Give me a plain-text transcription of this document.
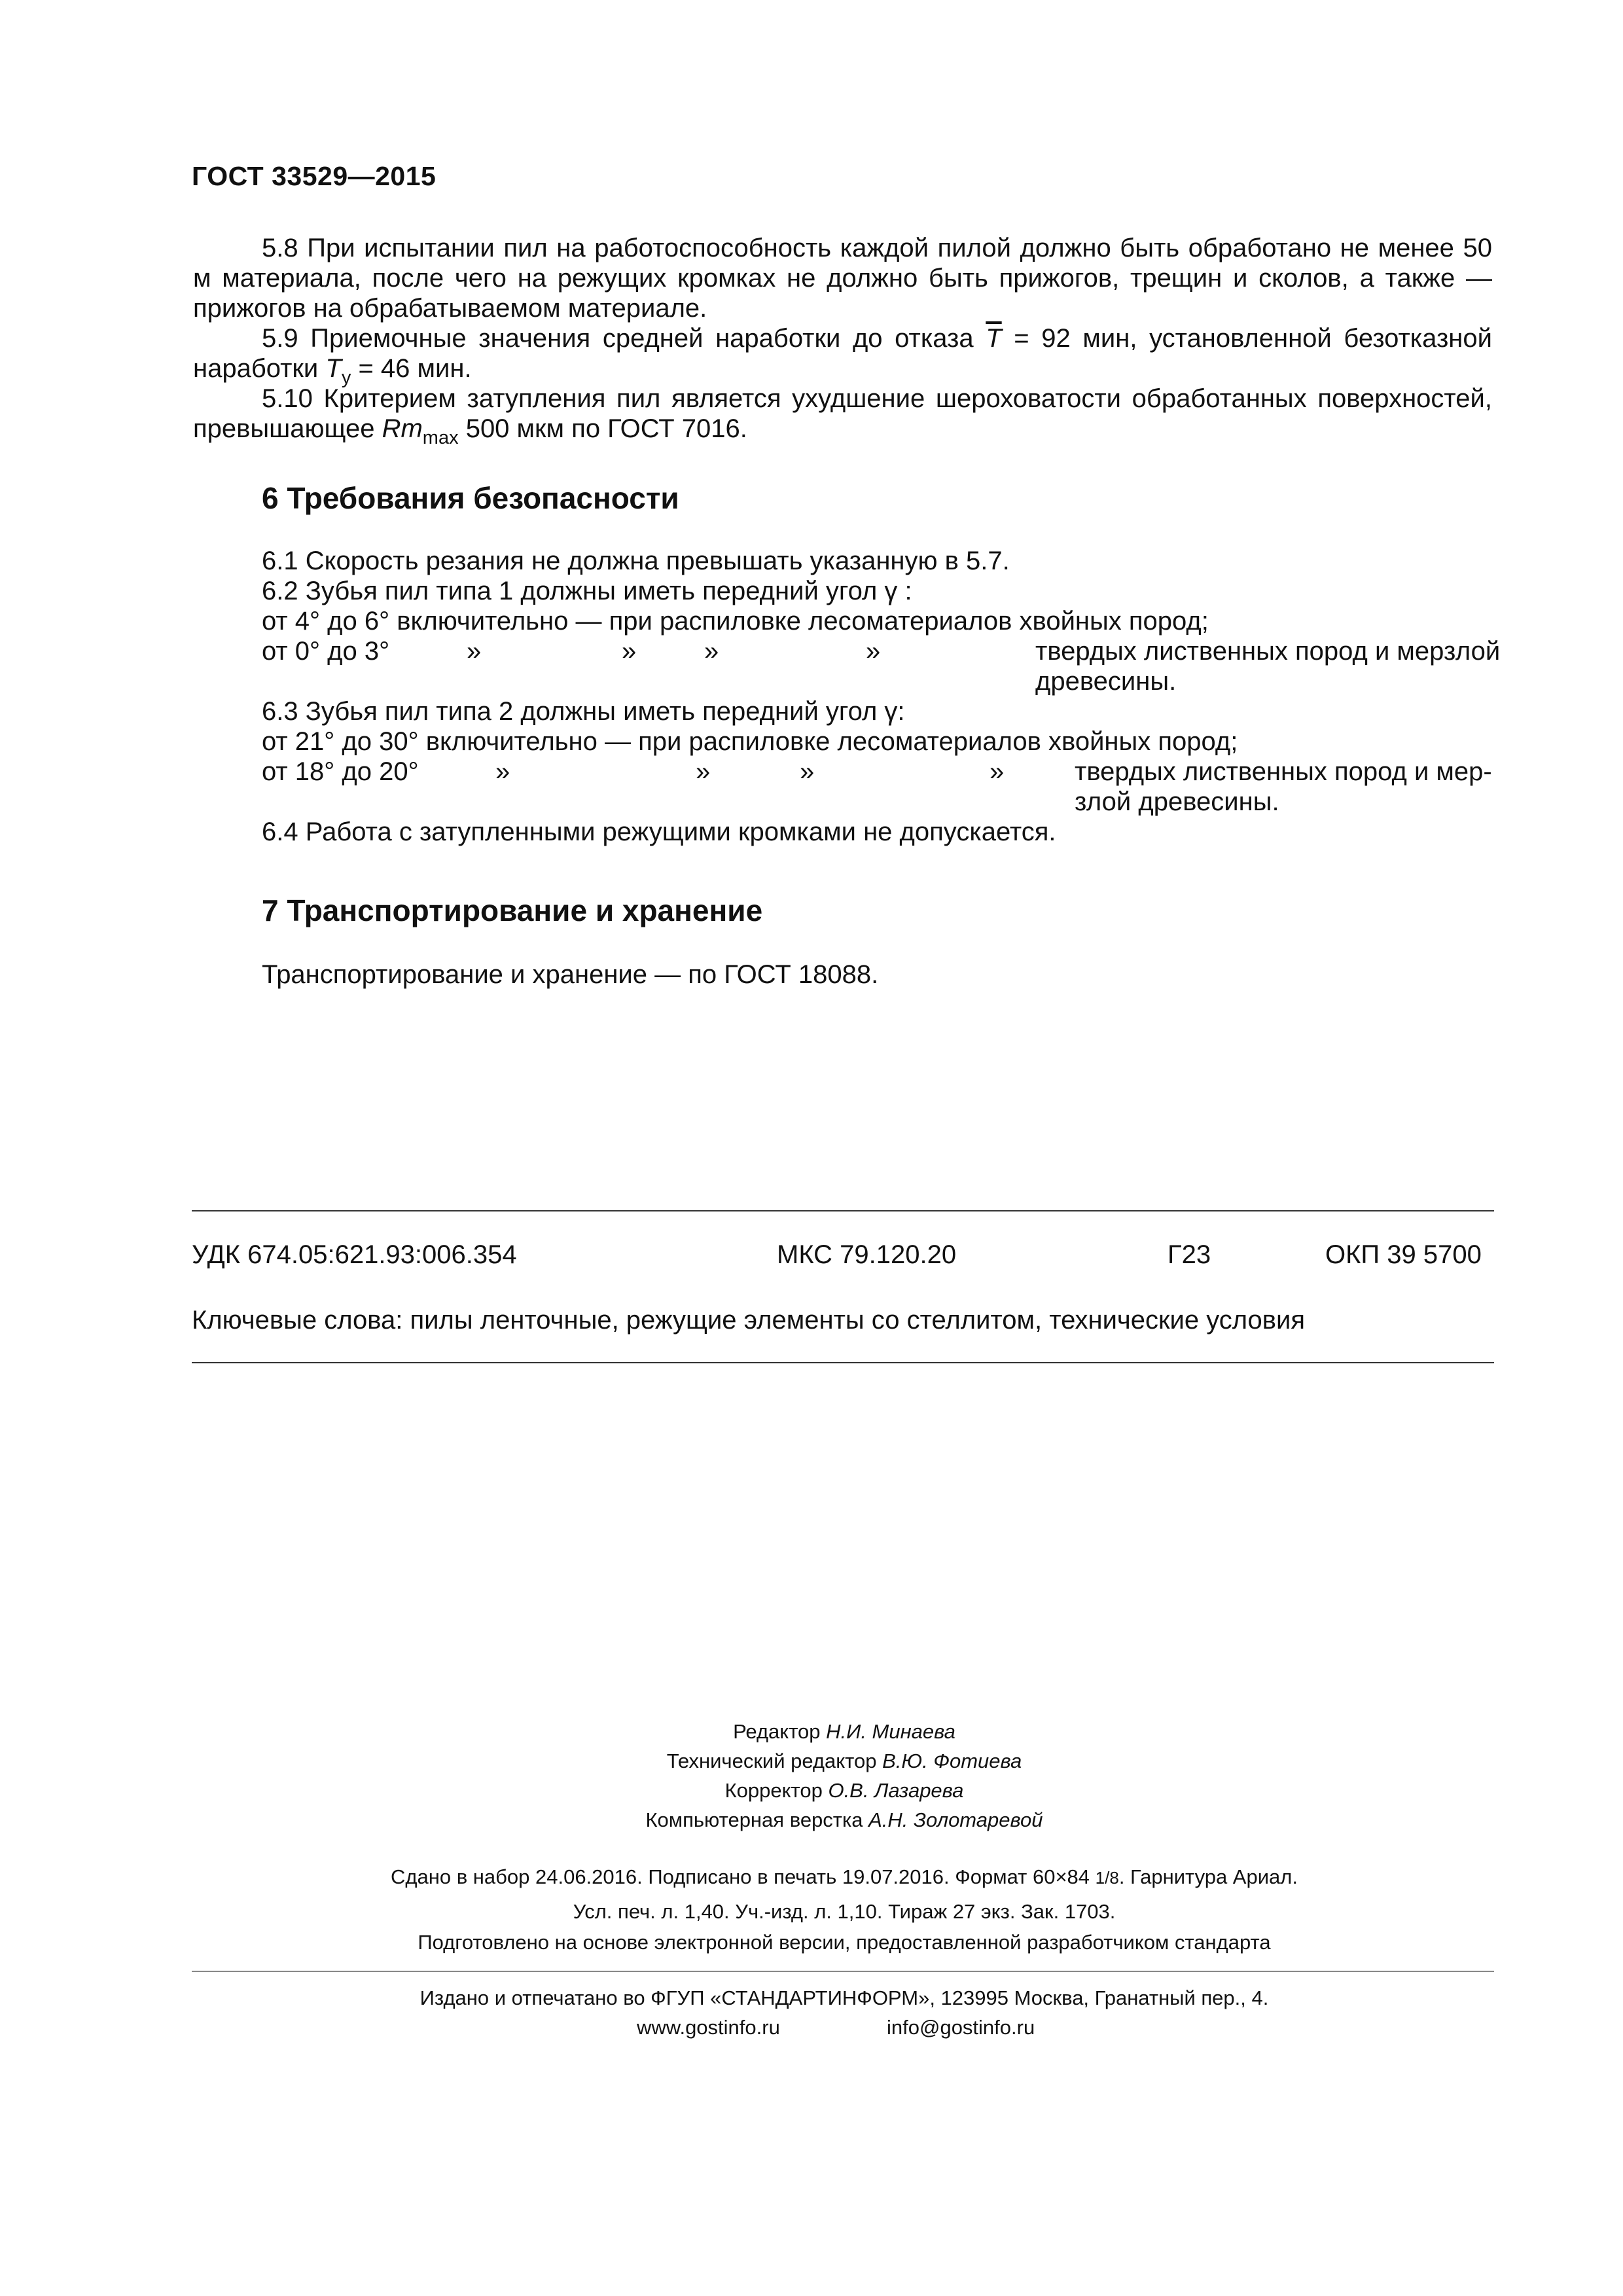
ГОСТ 33529—2015
5.8 При испытании пил на работоспособность каждой пилой должно быть обработано не менее 50 м материала, после чего на режущих кромках не должно быть прижогов, трещин и сколов, а также — прижогов на обрабатываемом материале.
5.9 Приемочные значения средней наработки до отказа $\overline{T} = 92$ мин, установленной безотказной наработки $T_у = 46$ мин.
5.10 Критерием затупления пил является ухудшение шероховатости обработанных поверхностей, превышающее $Rm_{max}$ 500 мкм по ГОСТ 7016.
6 Требования безопасности
6.1 Скорость резания не должна превышать указанную в 5.7.
6.2 Зубья пил типа 1 должны иметь передний угол γ :
от 4° до 6° включительно — при распиловке лесоматериалов хвойных пород;
от 0° до 3°	»	»	»	»	твердых лиственных пород и мерзлой
древесины.
6.3 Зубья пил типа 2 должны иметь передний угол γ:
от 21° до 30° включительно — при распиловке лесоматериалов хвойных пород;
от 18° до 20°	»	»	»	»	твердых лиственных пород и мер-
злой древесины.
6.4 Работа с затупленными режущими кромками не допускается.
7 Транспортирование и хранение
Транспортирование и хранение — по ГОСТ 18088.
УДК 674.05:621.93:006.354	МКС 79.120.20	Г23	ОКП 39 5700
Ключевые слова: пилы ленточные, режущие элементы со стеллитом, технические условия
Редактор Н.И. Минаева
Технический редактор В.Ю. Фотиева
Корректор О.В. Лазарева
Компьютерная верстка А.Н. Золотаревой
Сдано в набор 24.06.2016. Подписано в печать 19.07.2016. Формат 60×84 1/8. Гарнитура Ариал.
Усл. печ. л. 1,40. Уч.-изд. л. 1,10. Тираж 27 экз. Зак. 1703.
Подготовлено на основе электронной версии, предоставленной разработчиком стандарта
Издано и отпечатано во ФГУП «СТАНДАРТИНФОРМ», 123995 Москва, Гранатный пер., 4.
www.gostinfo.ru	info@gostinfo.ru
